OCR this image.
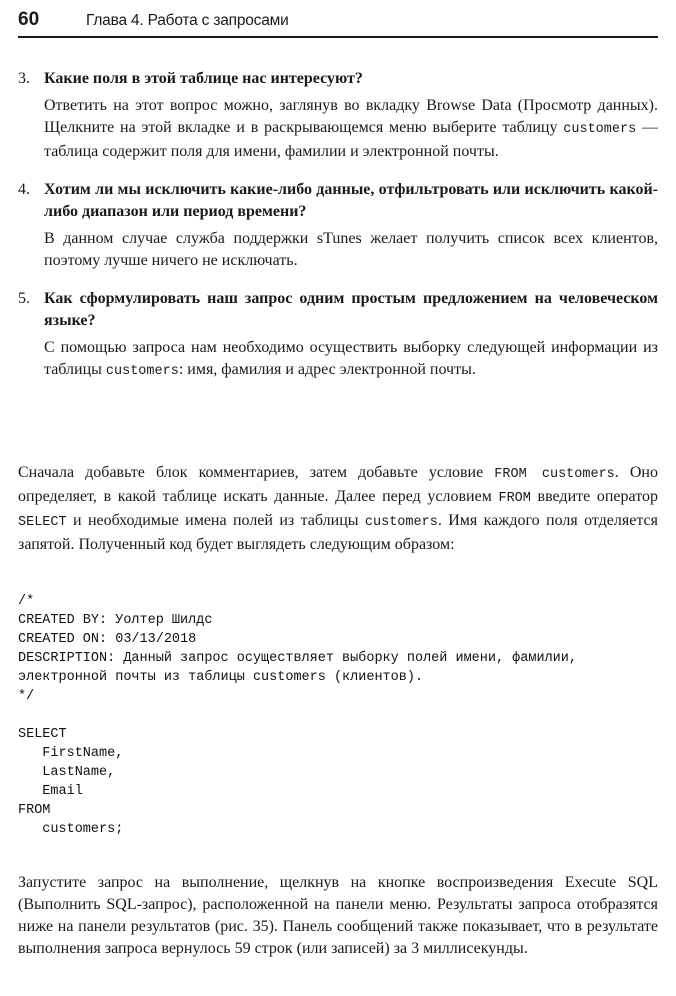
60	Глава 4. Работа с запросами
3. Какие поля в этой таблице нас интересуют?

Ответить на этот вопрос можно, заглянув во вкладку Browse Data (Просмотр данных). Щелкните на этой вкладке и в раскрывающемся меню выберите таблицу customers — таблица содержит поля для имени, фамилии и электронной почты.

4. Хотим ли мы исключить какие-либо данные, отфильтровать или исключить какой-либо диапазон или период времени?

В данном случае служба поддержки sTunes желает получить список всех клиентов, поэтому лучше ничего не исключать.

5. Как сформулировать наш запрос одним простым предложением на человеческом языке?

С помощью запроса нам необходимо осуществить выборку следующей информации из таблицы customers: имя, фамилия и адрес электронной почты.

Сначала добавьте блок комментариев, затем добавьте условие FROM customers. Оно определяет, в какой таблице искать данные. Далее перед условием FROM введите оператор SELECT и необходимые имена полей из таблицы customers. Имя каждого поля отделяется запятой. Полученный код будет выглядеть следующим образом:

/*
CREATED BY: Уолтер Шилдс
CREATED ON: 03/13/2018
DESCRIPTION: Данный запрос осуществляет выборку полей имени, фамилии,
электронной почты из таблицы customers (клиентов).
*/

SELECT
FirstName,
LastName,
Email
FROM
customers;

Запустите запрос на выполнение, щелкнув на кнопке воспроизведения Execute SQL (Выполнить SQL-запрос), расположенной на панели меню. Результаты запроса отобразятся ниже на панели результатов (рис. 35). Панель сообщений также показывает, что в результате выполнения запроса вернулось 59 строк (или записей) за 3 миллисекунды.
